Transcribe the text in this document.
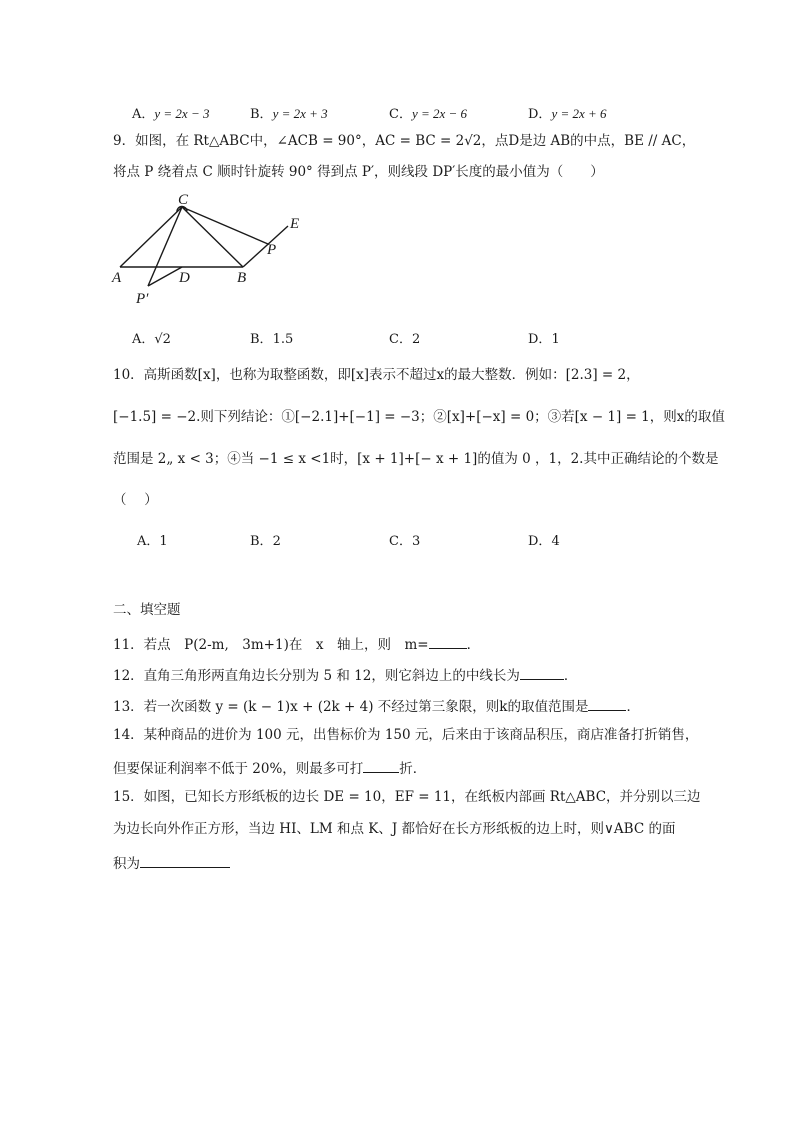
A．y = 2x − 3	B．y = 2x + 3	C．y = 2x − 6	D．y = 2x + 6
9．如图，在 Rt△ABC中，∠ACB = 90°，AC = BC = 2√2，点D是边 AB的中点，BE // AC，
将点 P 绕着点 C 顺时针旋转 90° 得到点 P′，则线段 DP′长度的最小值为（　　）
C
E
P
A	D	B
P′
A．√2	B．1.5	C．2	D．1
10．高斯函数[x]，也称为取整函数，即[x]表示不超过x的最大整数．例如：[2.3] = 2，
[−1.5] = −2.则下列结论：①[−2.1]+[−1] = −3；②[x]+[−x] = 0；③若[x − 1] = 1，则x的取值
范围是 2„ x < 3；④当 −1 ≤ x <1时，[x + 1]+[− x + 1]的值为 0 ，1，2.其中正确结论的个数是
（　 ）
A．1	B．2	C．3	D．4
二、填空题
11．若点　P(2-m,　3m+1)在　x　轴上，则　m=	．
12．直角三角形两直角边长分别为 5 和 12，则它斜边上的中线长为	．
13．若一次函数 y = (k − 1)x + (2k + 4) 不经过第三象限，则k的取值范围是	．
14．某种商品的进价为 100 元，出售标价为 150 元，后来由于该商品积压，商店准备打折销售，
但要保证利润率不低于 20%，则最多可打	折．
15．如图，已知长方形纸板的边长 DE = 10，EF = 11，在纸板内部画 Rt△ABC，并分别以三边
为边长向外作正方形，当边 HI、LM 和点 K、J 都恰好在长方形纸板的边上时，则∨ABC 的面
积为
